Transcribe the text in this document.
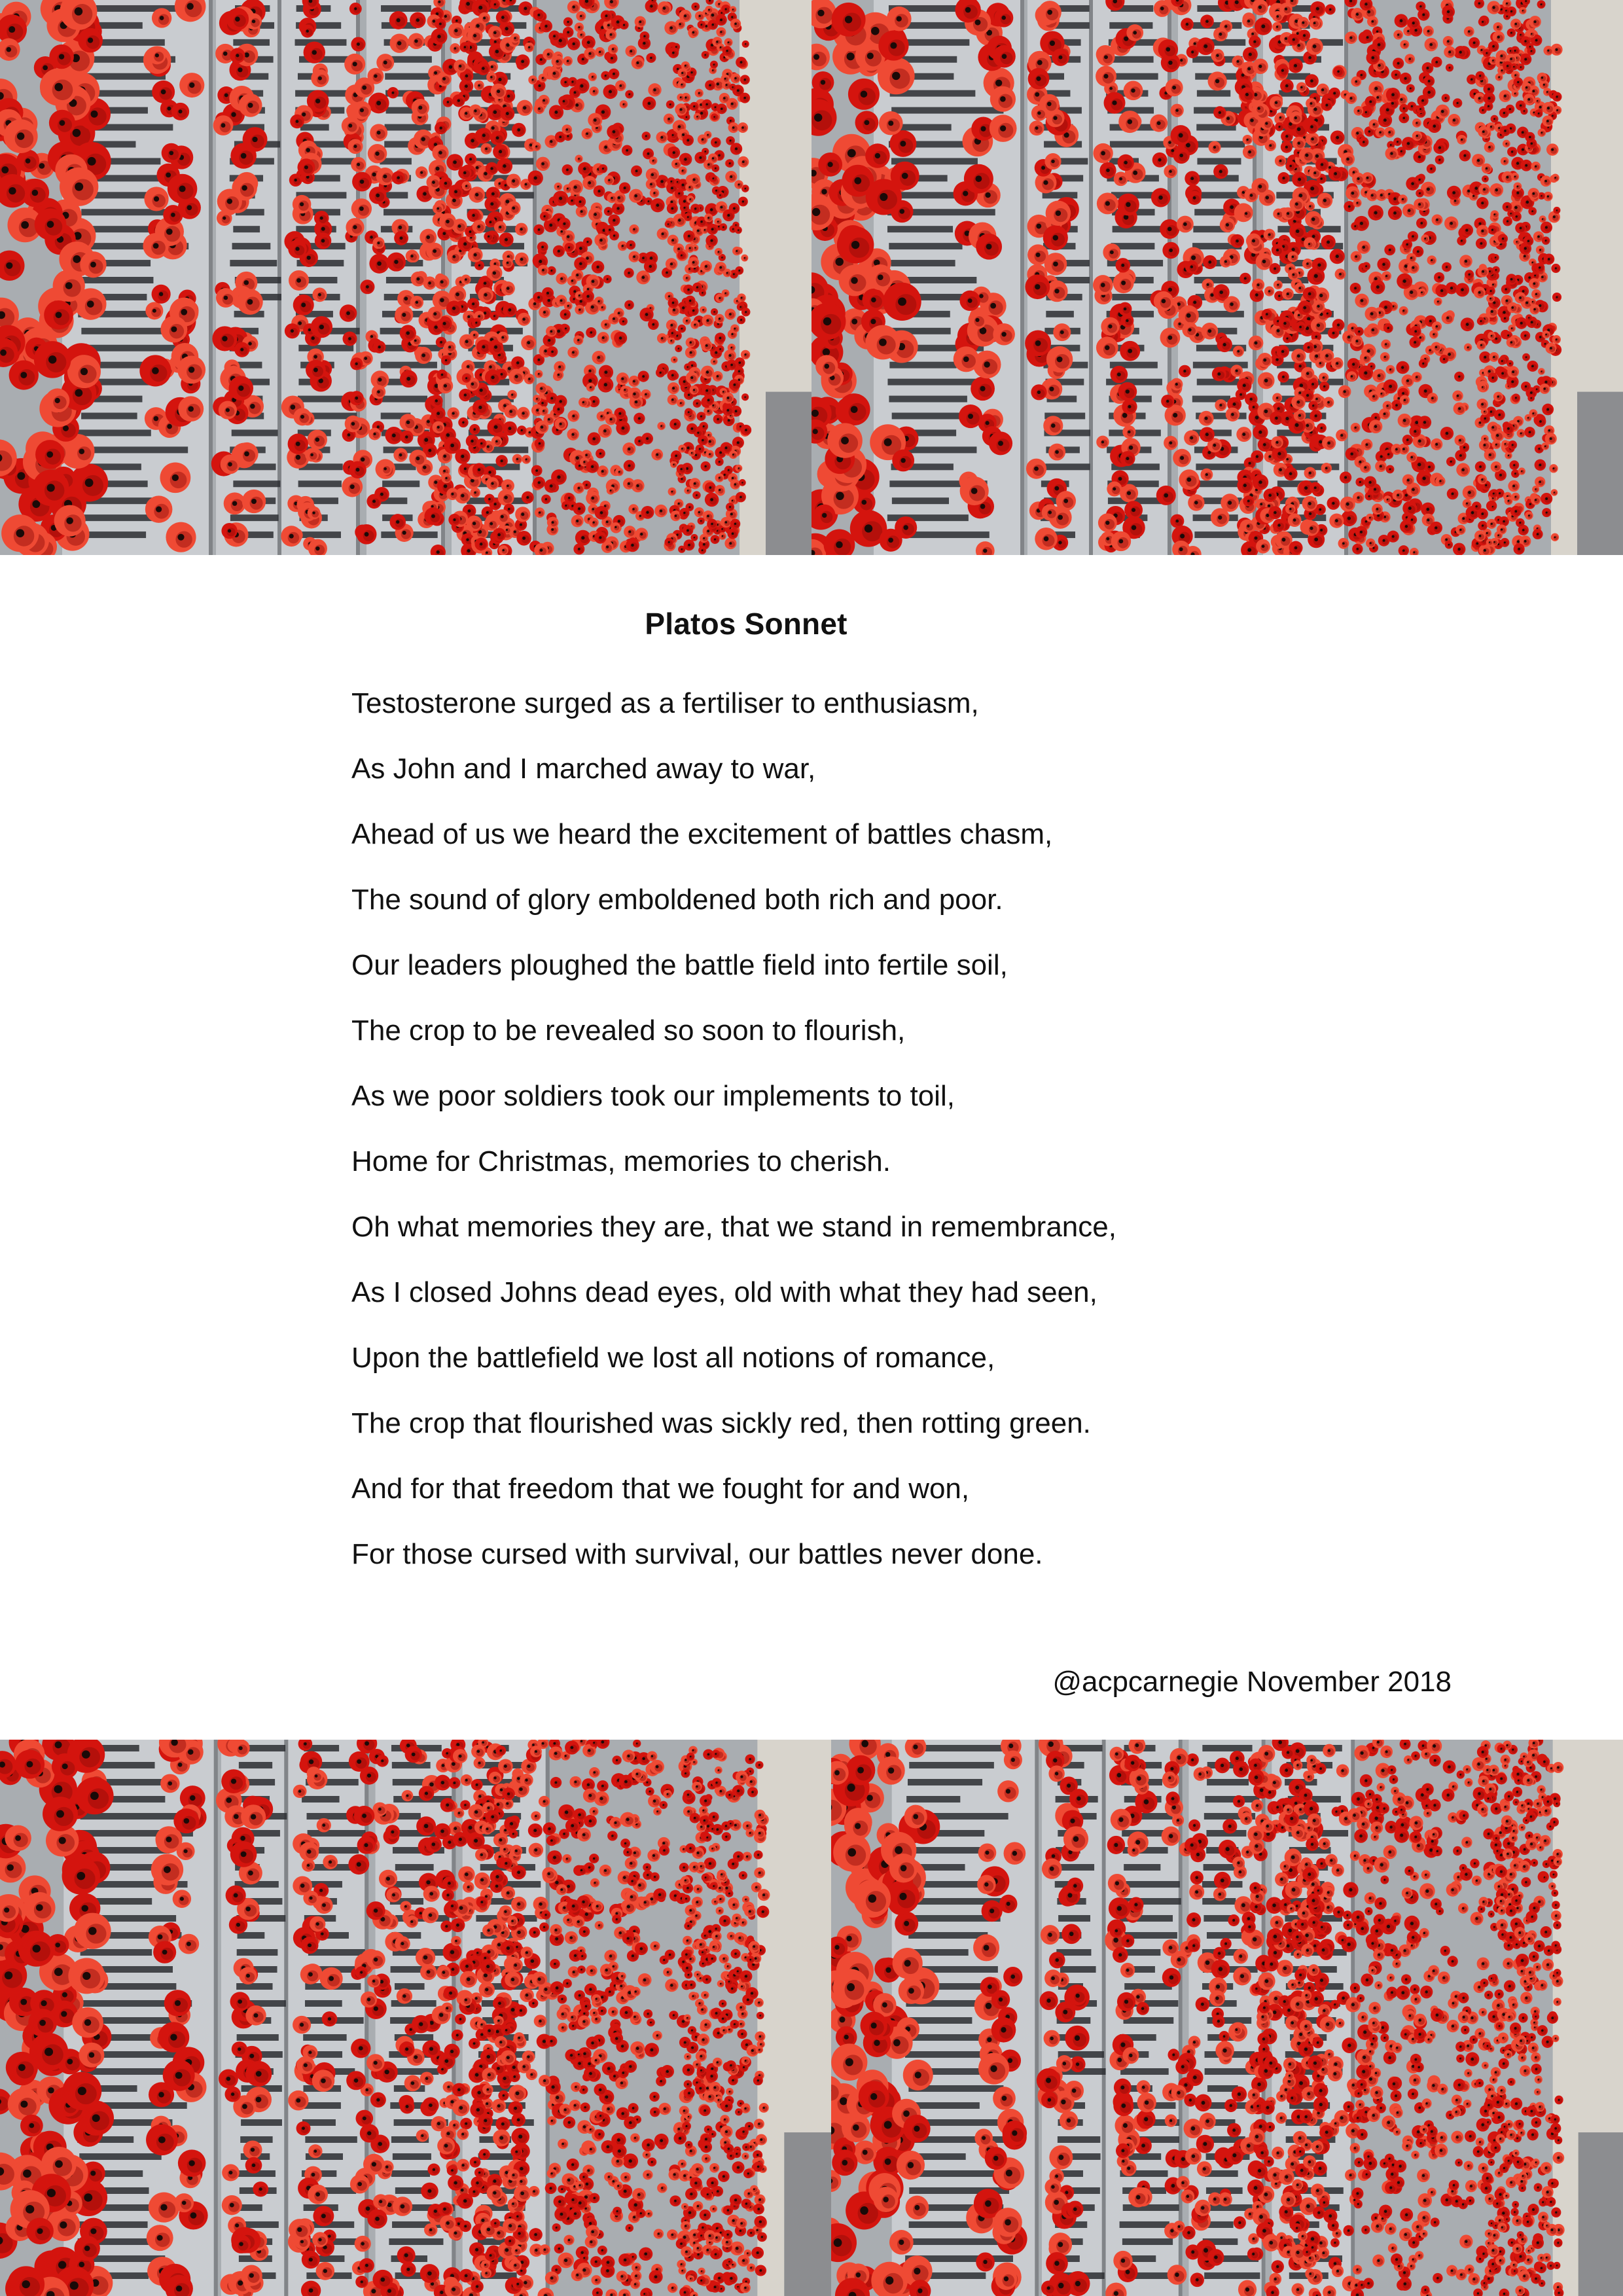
Platos Sonnet
Testosterone surged as a fertiliser to enthusiasm,
As John and I marched away to war,
Ahead of us we heard the excitement of battles chasm,
The sound of glory emboldened both rich and poor.
Our leaders ploughed the battle field into fertile soil,
The crop to be revealed so soon to flourish,
As we poor soldiers took our implements to toil,
Home for Christmas, memories to cherish.
Oh what memories they are, that we stand in remembrance,
As I closed Johns dead eyes, old with what they had seen,
Upon the battlefield we lost all notions of romance,
The crop that flourished was sickly red, then rotting green.
And for that freedom that we fought for and won,
For those cursed with survival, our battles never done.
@acpcarnegie November 2018
